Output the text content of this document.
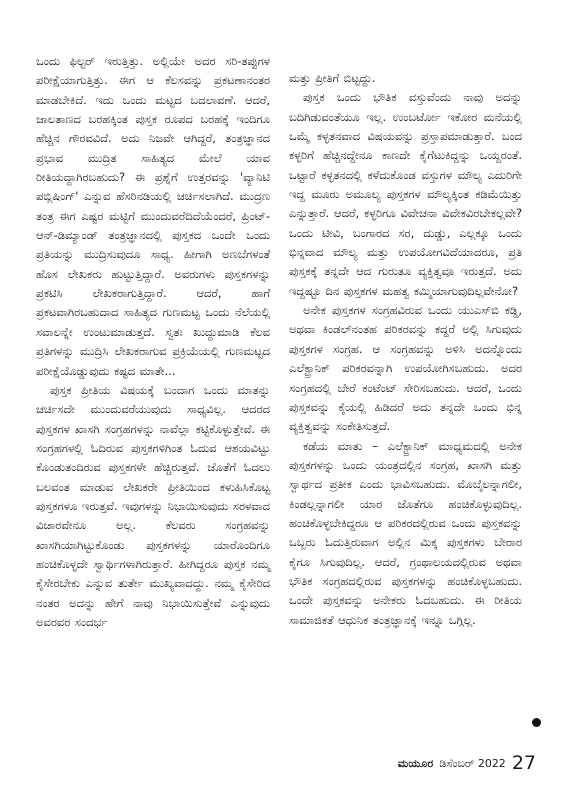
ಒಂದು ಫಿಲ್ಟರ್ ಇರುತ್ತಿತ್ತು. ಅಲ್ಲಿಯೇ ಅದರ ಸರಿ-ತಪ್ಪುಗಳ ಪರೀಕ್ಷೆಯಾಗುತ್ತಿತ್ತು. ಈಗ ಆ ಕೆಲಸವನ್ನು ಪ್ರಕಟಣಾನಂತರ ಮಾಡಬೇಕಿದೆ. ಇದು ಒಂದು ಮಟ್ಟದ ಬದಲಾವಣೆ. ಆದರೆ, ಜಾಲತಾಣದ ಬರಹಕ್ಕಿಂತ ಪುಸ್ತಕ ರೂಪದ ಬರಹಕ್ಕೆ ಇಂದಿಗೂ ಹೆಚ್ಚಿನ ಗೌರವವಿದೆ. ಅದು ನಿಜವೇ ಆಗಿದ್ದರೆ, ತಂತ್ರಜ್ಞಾನದ ಪ್ರಭಾವ ಮುದ್ರಿತ ಸಾಹಿತ್ಯದ ಮೇಲೆ ಯಾವ ರೀತಿಯದ್ದಾಗಿರಬಹುದು? ಈ ಪ್ರಶ್ನೆಗೆ ಉತ್ತರವನ್ನು 'ವ್ಯಾನಿಟಿ ಪಬ್ಲಿಷಿಂಗ್' ಎನ್ನುವ ಹೆಸರಿನಡಿಯಲ್ಲಿ ಚರ್ಚಿಸಲಾಗಿದೆ. ಮುದ್ರಣ ತಂತ್ರ ಈಗ ಎಷ್ಟರ ಮಟ್ಟಿಗೆ ಮುಂದುವರೆದಿದೆಯೆಂದರೆ, ಪ್ರಿಂಟ್-ಆನ್-ಡಿಮ್ಯಾಂಡ್ ತಂತ್ರಜ್ಞಾನದಲ್ಲಿ ಪುಸ್ತಕದ ಒಂದೇ ಒಂದು ಪ್ರತಿಯನ್ನು ಮುದ್ರಿಸುವುದೂ ಸಾಧ್ಯ. ಹೀಗಾಗಿ ಅಣಬೆಗಳಂತೆ ಹೊಸ ಲೇಖಕರು ಹುಟ್ಟುತ್ತಿದ್ದಾರೆ. ಅವರುಗಳು ಪುಸ್ತಕಗಳನ್ನು ಪ್ರಕಟಿಸಿ ಲೇಖಕರಾಗುತ್ತಿದ್ದಾರೆ. ಆದರೆ, ಹಾಗೆ ಪ್ರಕಟವಾಗಿರಬಹುದಾದ ಸಾಹಿತ್ಯದ ಗುಣಮಟ್ಟ ಒಂದು ನೆಲೆಯಲ್ಲಿ ಸವಾಲನ್ನೇ ಉಂಟುಮಾಡುತ್ತದೆ. ಸ್ವತಃ ಖುದ್ದುಮಾಡಿ ಕೆಲವ ಪ್ರತಿಗಳನ್ನು ಮುದ್ರಿಸಿ ಲೇಖಕರಾಗುವ ಪ್ರಕ್ರಿಯೆಯಲ್ಲಿ ಗುಣಮಟ್ಟದ ಪರೀಕ್ಷೆಯೊಡ್ಡುವುದು ಕಷ್ಟದ ಮಾತೇ...

ಪುಸ್ತಕ ಪ್ರೀತಿಯ ವಿಷಯಕ್ಕೆ ಬಂದಾಗ ಒಂದು ಮಾತನ್ನು ಚರ್ಚಿಸದೇ ಮುಂದುವರೆಯುವುದು ಸಾಧ್ಯವಿಲ್ಲ. ಆದರದ ಪುಸ್ತಕಗಳ ಖಾಸಗಿ ಸಂಗ್ರಹಗಳನ್ನು ನಾವೆಲ್ಲಾ ಕಟ್ಟಿಕೊಳ್ಳುತ್ತೇವೆ. ಈ ಸಂಗ್ರಹಗಳಲ್ಲಿ ಓದಿರುವ ಪುಸ್ತಕಗಳಿಗಿಂತ ಓದುವ ಆಶಯವಿಟ್ಟು ಕೊಂಡುತಂದಿರುವ ಪುಸ್ತಕಗಳೇ ಹೆಚ್ಚಿರುತ್ತವೆ. ಜೊತೆಗೆ ಓದಲು ಬಲವಂತ ಮಾಡುವ ಲೇಖಕರೇ ಪ್ರೀತಿಯಿಂದ ಕಳುಹಿಸಿಕೊಟ್ಟ ಪುಸ್ತಕಗಳೂ ಇರುತ್ತವೆ. ಇವುಗಳನ್ನು ನಿಭಾಯಿಸುವುದು ಸರಳವಾದ ವಿಚಾರವೇನೂ ಅಲ್ಲ. ಕೆಲವರು ಸಂಗ್ರಹವನ್ನು ಖಾಸಗಿಯಾಗಿಟ್ಟುಕೊಂಡು ಪುಸ್ತಕಗಳನ್ನು ಯಾರೊಂದಿಗೂ ಹಂಚಿಕೊಳ್ಳದೇ ಸ್ವಾರ್ಥಿಗಳಾಗಿರುತ್ತಾರೆ. ಹೀಗಿದ್ದರೂ ಪುಸ್ತಕ ನಮ್ಮ ಕೈಸೇರಬೇಕು ಎನ್ನುವ ತುರ್ತೇ ಮುಖ್ಯವಾದದ್ದು. ನಮ್ಮ ಕೈಸೇರಿದ ನಂತರ ಅದನ್ನು ಹೇಗೆ ನಾವು ನಿಭಾಯಿಸುತ್ತೇವೆ ಎನ್ನುವುದು ಅವರವರ ಸಂದರ್ಭ

ಮತ್ತು ಪ್ರೀತಿಗೆ ಬಿಟ್ಟದ್ದು.

ಪುಸ್ತಕ ಒಂದು ಭೌತಿಕ ವಸ್ತುವೆಂದು ನಾವು ಅದನ್ನು ಬದಿಗಿಡುವಂತೆಯೂ ಇಲ್ಲ. ಉಂಬರ್ಟೋ ಇಕೋರ ಮನೆಯಲ್ಲಿ ಒಮ್ಮೆ ಕಳ್ಳತನವಾದ ವಿಷಯವನ್ನು ಪ್ರಸ್ತಾಪಮಾಡುತ್ತಾರೆ. ಬಂದ ಕಳ್ಳರಿಗೆ ಹೆಚ್ಚಿನದ್ದೇನೂ ಕಾಣದೇ ಕೈಗೆಟುಕಿದ್ದನ್ನು ಒಯ್ದರಂತೆ. ಒಟ್ಟಾರೆ ಕಳ್ಳತನದಲ್ಲಿ ಕಳೆದುಕೊಂಡ ವಸ್ತುಗಳ ಮೌಲ್ಯ ಎದುರಿಗೇ ಇದ್ದ ಮೂರು ಅಮೂಲ್ಯ ಪುಸ್ತಕಗಳ ಮೌಲ್ಯಕ್ಕಿಂತ ಕಡಿಮೆಯಿತ್ತು ಎನ್ನುತ್ತಾರೆ. ಆದರೆ, ಕಳ್ಳರಿಗೂ ವಿವೇಚನಾ ವಿವೇಕವಿರಬೇಕಲ್ಲವೇ? ಒಂದು ಟೀವಿ, ಬಂಗಾರದ ಸರ, ದುಡ್ಡು, ಎಲ್ಲಕ್ಕೂ ಒಂದು ಭಿನ್ನವಾದ ಮೌಲ್ಯ ಮತ್ತು ಉಪಯೋಗವಿದೆಯಾದರೂ, ಪ್ರತಿ ಪುಸ್ತಕಕ್ಕೆ ತನ್ನದೇ ಆದ ಗುರುತೂ ವ್ಯಕ್ತಿತ್ವವೂ ಇರುತ್ತದೆ. ಅದು ಇದ್ದಷ್ಟೂ ದಿನ ಪುಸ್ತಕಗಳ ಮಹತ್ವ ಕಮ್ಮಿಯಾಗುವುದಿಲ್ಲವೇನೋ?

ಅನೇಕ ಪುಸ್ತಕಗಳ ಸಂಗ್ರಹವಿರುವ ಒಂದು ಯುಎಸ್‌ಬಿ ಕಡ್ಡಿ, ಅಥವಾ ಕಿಂಡಲ್‌ನಂತಹ ಪರಿಕರವನ್ನು ಕದ್ದರೆ ಅಲ್ಲಿ ಸಿಗುವುದು ಪುಸ್ತಕಗಳ ಸಂಗ್ರಹ. ಆ ಸಂಗ್ರಹವನ್ನು ಅಳಿಸಿ ಅದನ್ನೊಂದು ಎಲೆಕ್ಟ್ರಾನಿಕ್ ಪರಿಕರವನ್ನಾಗಿ ಉಪಯೋಗಿಸಬಹುದು. ಅದರ ಸಂಗ್ರಹದಲ್ಲಿ ಬೇರೆ ಕಂಟೆಂಟ್ ಸೇರಿಸಬಹುದು. ಆದರೆ, ಒಂದು ಪುಸ್ತಕವನ್ನು ಕೈಯಲ್ಲಿ ಹಿಡಿದರೆ ಅದು ತನ್ನದೇ ಒಂದು ಭಿನ್ನ ವ್ಯಕ್ತಿತ್ವವನ್ನು ಸಂಕೇತಿಸುತ್ತದೆ.

ಕಡೆಯ ಮಾತು – ಎಲೆಕ್ಟ್ರಾನಿಕ್ ಮಾಧ್ಯಮದಲ್ಲಿ ಅನೇಕ ಪುಸ್ತಕಗಳನ್ನು ಒಂದು ಯಂತ್ರದಲ್ಲಿನ ಸಂಗ್ರಹ, ಖಾಸಗಿ ಮತ್ತು ಸ್ವಾರ್ಥದ ಪ್ರತೀಕ ಎಂದು ಭಾವಿಸಬಹುದು. ಮೊಬೈಲನ್ನಾಗಲೀ, ಕಿಂಡಲ್ಲನ್ನಾಗಲೀ ಯಾರ ಜೊತೆಗೂ ಹಂಚಿಕೊಳ್ಳುವುದಿಲ್ಲ. ಹಂಚಿಕೊಳ್ಳಬೇಕಿದ್ದರೂ ಆ ಪರಿಕರದಲ್ಲಿರುವ ಒಂದು ಪುಸ್ತಕವನ್ನು ಒಬ್ಬರು ಓದುತ್ತಿರುವಾಗ ಅಲ್ಲಿನ ಮಿಕ್ಕ ಪುಸ್ತಕಗಳು ಬೇರಾರ ಕೈಗೂ ಸಿಗುವುದಿಲ್ಲ. ಆದರೆ, ಗ್ರಂಥಾಲಯದಲ್ಲಿರುವ ಅಥವಾ ಭೌತಿಕ ಸಂಗ್ರಹದಲ್ಲಿರುವ ಪುಸ್ತಕಗಳನ್ನು ಹಂಚಿಕೊಳ್ಳಬಹುದು. ಒಂದೇ ಪುಸ್ತಕವನ್ನು ಅನೇಕರು ಓದಬಹುದು. ಈ ರೀತಿಯ ಸಾಮಾಜಿಕತೆ ಆಧುನಿಕ ತಂತ್ರಜ್ಞಾನಕ್ಕೆ ಇನ್ನೂ ಒಗ್ಗಿಲ್ಲ.

ಮಯೂರ ಡಿಸೆಂಬರ್ 2022 27
